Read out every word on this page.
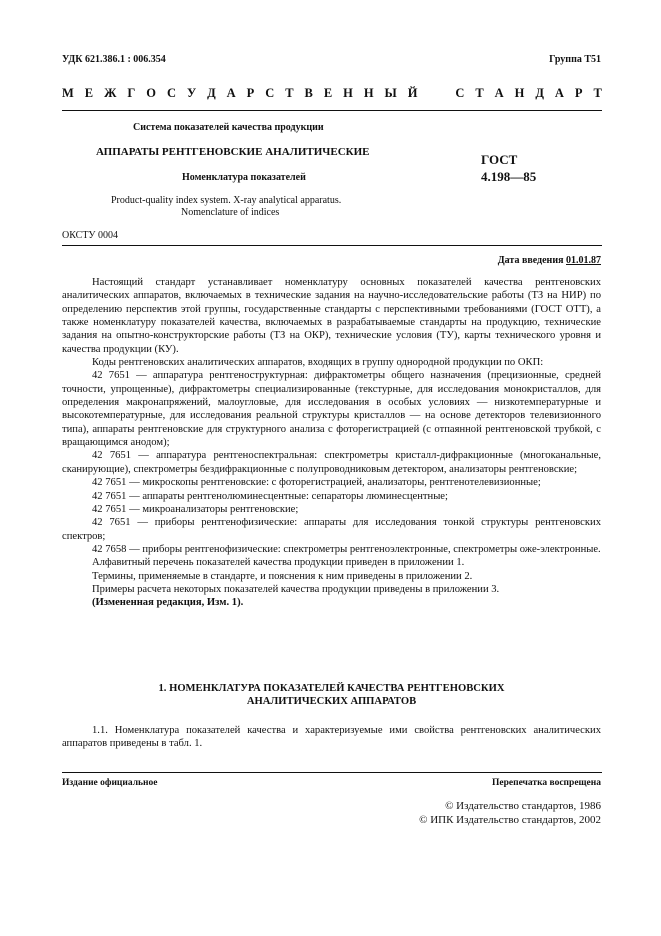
УДК 621.386.1 : 006.354	Группа Т51
М Е Ж Г О С У Д А Р С Т В Е Н Н Ы Й	С Т А Н Д А Р Т
Система показателей качества продукции
АППАРАТЫ РЕНТГЕНОВСКИЕ АНАЛИТИЧЕСКИЕ
Номенклатура показателей
Product-quality index system. X-ray analytical apparatus.
Nomenclature of indices
ОКСТУ 0004
ГОСТ
4.198—85
Дата введения 01.01.87

Настоящий стандарт устанавливает номенклатуру основных показателей качества рентгеновских аналитических аппаратов, включаемых в технические задания на научно-исследовательские работы (ТЗ на НИР) по определению перспектив этой группы, государственные стандарты с перспективными требованиями (ГОСТ ОТТ), а также номенклатуру показателей качества, включаемых в разрабатываемые стандарты на продукцию, технические задания на опытно-конструкторские работы (ТЗ на ОКР), технические условия (ТУ), карты технического уровня и качества продукции (КУ).

Коды рентгеновских аналитических аппаратов, входящих в группу однородной продукции по ОКП:

42 7651 — аппаратура рентгеноструктурная: дифрактометры общего назначения (прецизионные, средней точности, упрощенные), дифрактометры специализированные (текстурные, для исследования монокристаллов, для определения макронапряжений, малоугловые, для исследования в особых условиях — низкотемпературные и высокотемпературные, для исследования реальной структуры кристаллов — на основе детекторов телевизионного типа), аппараты рентгеновские для структурного анализа с фоторегистрацией (с отпаянной рентгеновской трубкой, с вращающимся анодом);

42 7651 — аппаратура рентгеноспектральная: спектрометры кристалл-дифракционные (многоканальные, сканирующие), спектрометры бездифракционные с полупроводниковым детектором, анализаторы рентгеновские;

42 7651 — микроскопы рентгеновские: с фоторегистрацией, анализаторы, рентгенотелевизионные;

42 7651 — аппараты рентгенолюминесцентные: сепараторы люминесцентные;

42 7651 — микроанализаторы рентгеновские;

42 7651 — приборы рентгенофизические: аппараты для исследования тонкой структуры рентгеновских спектров;

42 7658 — приборы рентгенофизические: спектрометры рентгеноэлектронные, спектрометры оже-электронные.

Алфавитный перечень показателей качества продукции приведен в приложении 1.

Термины, применяемые в стандарте, и пояснения к ним приведены в приложении 2.

Примеры расчета некоторых показателей качества продукции приведены в приложении 3.

(Измененная редакция, Изм. 1).

1. НОМЕНКЛАТУРА ПОКАЗАТЕЛЕЙ КАЧЕСТВА РЕНТГЕНОВСКИХ
АНАЛИТИЧЕСКИХ АППАРАТОВ

1.1. Номенклатура показателей качества и характеризуемые ими свойства рентгеновских аналитических аппаратов приведены в табл. 1.

Издание официальное	Перепечатка воспрещена
© Издательство стандартов, 1986
© ИПК Издательство стандартов, 2002
